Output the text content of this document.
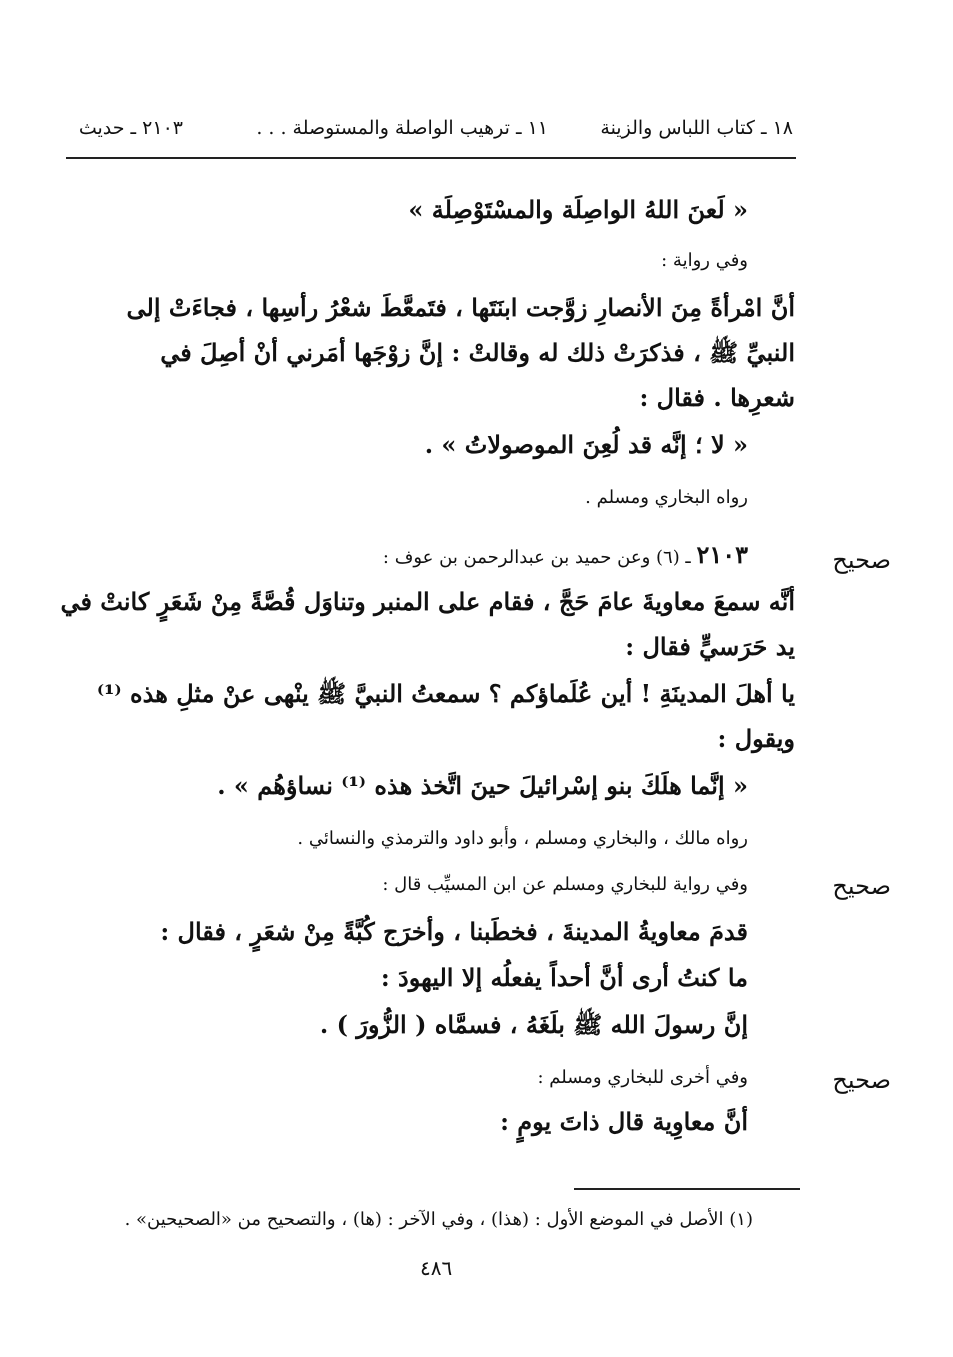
١٨ ـ كتاب اللباس والزينة
١١ ـ ترهيب الواصلة والمستوصلة . . .
٢١٠٣ ـ حديث
« لَعنَ اللهُ الواصِلَة والمسْتَوْصِلَة »
وفي رواية :
أنَّ امْرأةً مِنَ الأنصارِ زوَّجت ابنَتَها ، فتَمعَّطَ شعْرُ رأسِها ، فجاءَتْ إلى
النبيِّ ﷺ ، فذكرَتْ ذلك له وقالتْ : إنَّ زوْجَها أمَرني أنْ أصِلَ في
شعرِها . فقال :
« لا ؛ إنَّه قد لُعِنَ الموصولاتُ » .
رواه البخاري ومسلم .
صحيح
٢١٠٣ ـ (٦) وعن حميد بن عبدالرحمن بن عوف :
أنَّه سمعَ معاويةَ عامَ حَجَّ ، فقام على المنبر وتناوَل قُصَّةً مِنْ شَعَرٍ كانتْ في
يد حَرَسيٍّ فقال :
يا أهلَ المدينَةِ ! أين عُلَماؤكم ؟ سمعتُ النبيَّ ﷺ ينْهى عنْ مثلِ هذه ⁽¹⁾
ويقول :
« إنَّما هلَكَ بنو إسْرائيلَ حينَ اتَّخذ هذه ⁽¹⁾ نساؤهُم » .
رواه مالك ، والبخاري ومسلم ، وأبو داود والترمذي والنسائي .
صحيح
وفي رواية للبخاري ومسلم عن ابن المسيِّب قال :
قدمَ معاويةُ المدينةَ ، فخطَبنا ، وأخرَج كُبَّةً مِنْ شعَرٍ ، فقال :
ما كنتُ أرى أنَّ أحداً يفعلُه إلا اليهودَ :
إنَّ رسولَ الله ﷺ بلَغَهُ ، فسمَّاه ( الزُّورَ ) .
صحيح
وفي أخرى للبخاري ومسلم :
أنَّ معاوِية قال ذاتَ يومٍ :
(١) الأصل في الموضع الأول : (هذا) ، وفي الآخر : (ها) ، والتصحيح من «الصحيحين» .
٤٨٦
